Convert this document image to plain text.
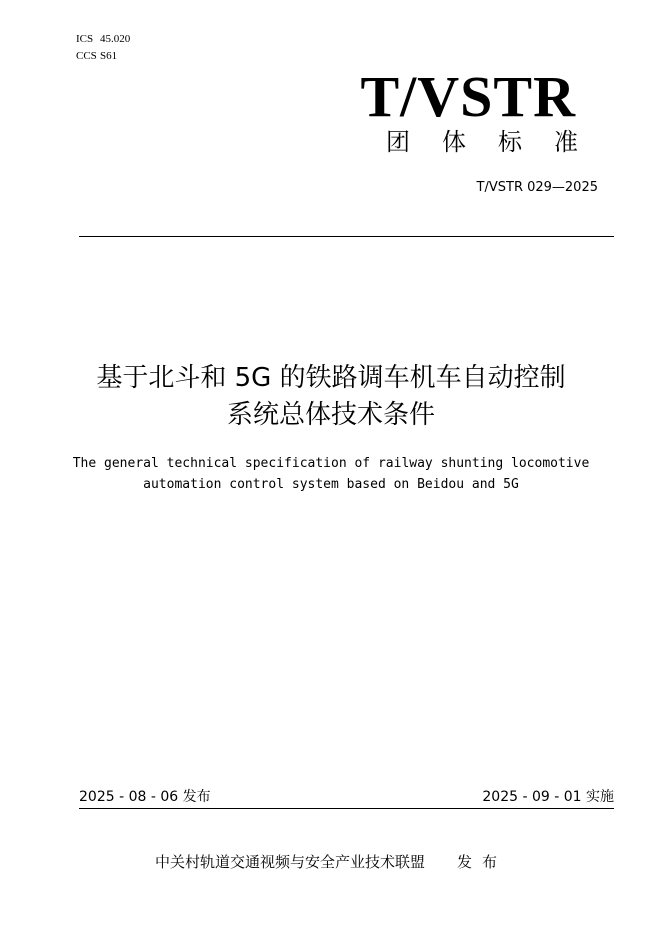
ICS 45.020
CCS S61
T/VSTR
团体标准
T/VSTR 029—2025
基于北斗和 5G 的铁路调车机车自动控制
系统总体技术条件
The general technical specification of railway shunting locomotive
automation control system based on Beidou and 5G
2025 - 08 - 06 发布	2025 - 09 - 01 实施
中关村轨道交通视频与安全产业技术联盟 发布
